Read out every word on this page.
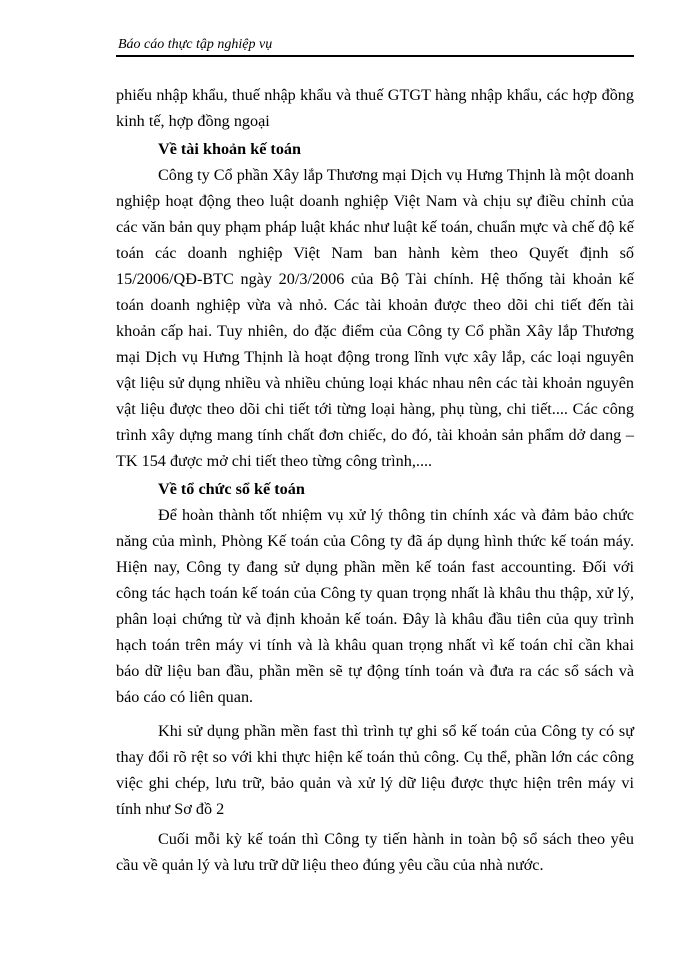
Báo cáo thực tập nghiệp vụ

phiếu nhập khẩu, thuế nhập khẩu và thuế GTGT hàng nhập khẩu, các hợp đồng kinh tế, hợp đồng ngoại

Về tài khoản kế toán

Công ty Cổ phần Xây lắp Thương mại Dịch vụ Hưng Thịnh là một doanh nghiệp hoạt động theo luật doanh nghiệp Việt Nam và chịu sự điều chỉnh của các văn bản quy phạm pháp luật khác như luật kế toán, chuẩn mực và chế độ kế toán các doanh nghiệp Việt Nam ban hành kèm theo Quyết định số 15/2006/QĐ-BTC ngày 20/3/2006 của Bộ Tài chính. Hệ thống tài khoản kế toán doanh nghiệp vừa và nhỏ. Các tài khoản được theo dõi chi tiết đến tài khoản cấp hai. Tuy nhiên, do đặc điểm của Công ty Cổ phần Xây lắp Thương mại Dịch vụ Hưng Thịnh là hoạt động trong lĩnh vực xây lắp, các loại nguyên vật liệu sử dụng nhiều và nhiều chủng loại khác nhau nên các tài khoản nguyên vật liệu được theo dõi chi tiết tới từng loại hàng, phụ tùng, chi tiết.... Các công trình xây dựng mang tính chất đơn chiếc, do đó, tài khoản sản phẩm dở dang – TK 154 được mở chi tiết theo từng công trình,....

Về tổ chức sổ kế toán

Để hoàn thành tốt nhiệm vụ xử lý thông tin chính xác và đảm bảo chức năng của mình, Phòng Kế toán của Công ty đã áp dụng hình thức kế toán máy. Hiện nay, Công ty đang sử dụng phần mền kế toán fast accounting. Đối với công tác hạch toán kế toán của Công ty quan trọng nhất là khâu thu thập, xử lý, phân loại chứng từ và định khoản kế toán. Đây là khâu đầu tiên của quy trình hạch toán trên máy vi tính và là khâu quan trọng nhất vì kế toán chỉ cần khai báo dữ liệu ban đầu, phần mền sẽ tự động tính toán và đưa ra các sổ sách và báo cáo có liên quan.

Khi sử dụng phần mền fast thì trình tự ghi sổ kế toán của Công ty có sự thay đổi rõ rệt so với khi thực hiện kế toán thủ công. Cụ thể, phần lớn các công việc ghi chép, lưu trữ, bảo quản và xử lý dữ liệu được thực hiện trên máy vi tính như Sơ đồ 2

Cuối mỗi kỳ kế toán thì Công ty tiến hành in toàn bộ sổ sách theo yêu cầu về quản lý và lưu trữ dữ liệu theo đúng yêu cầu của nhà nước.
